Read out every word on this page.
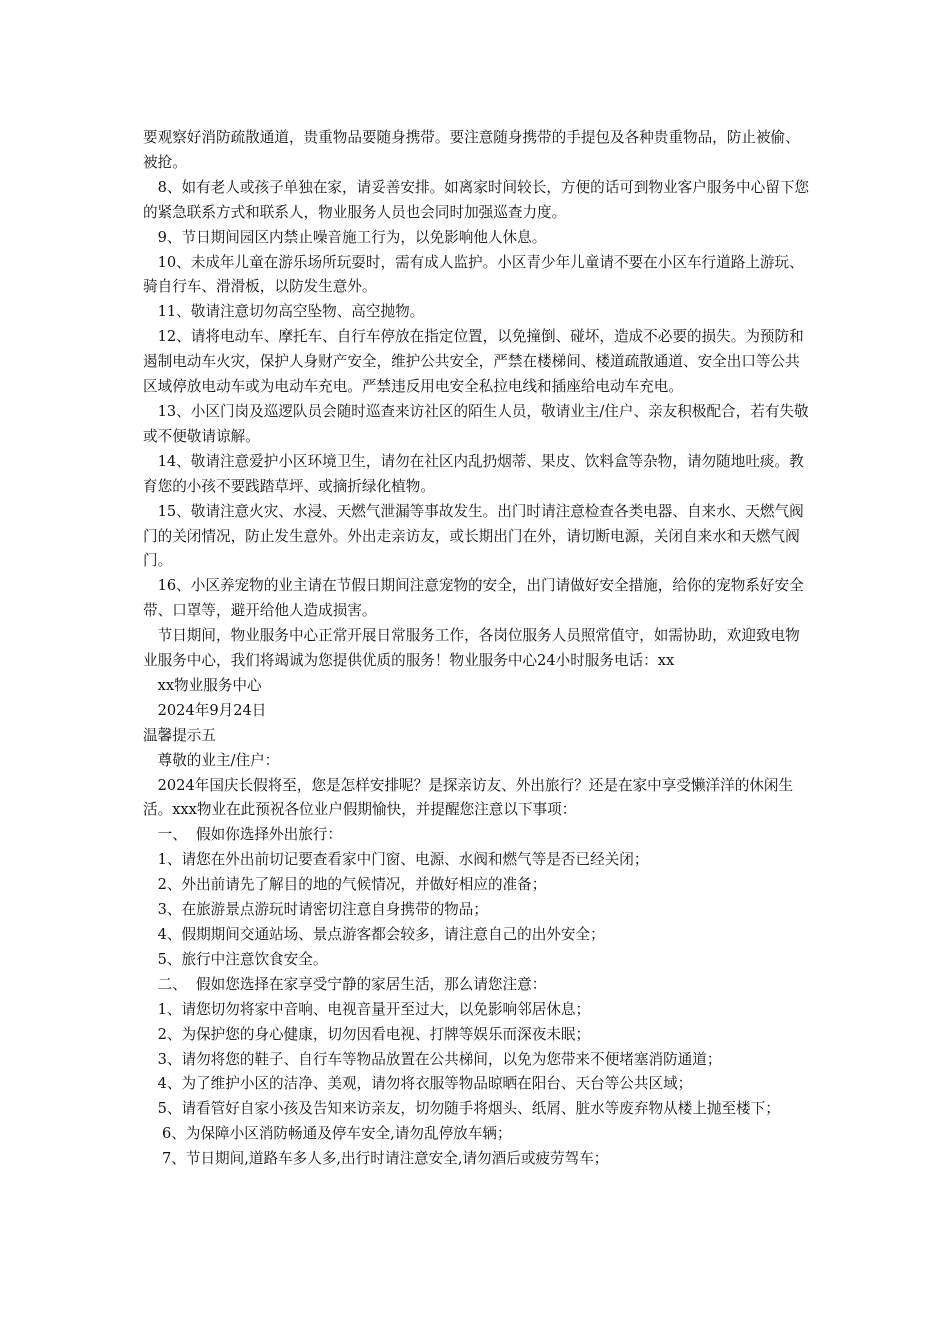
要观察好消防疏散通道，贵重物品要随身携带。要注意随身携带的手提包及各种贵重物品，防止被偷、被抢。

8、如有老人或孩子单独在家，请妥善安排。如离家时间较长，方便的话可到物业客户服务中心留下您的紧急联系方式和联系人，物业服务人员也会同时加强巡查力度。

9、节日期间园区内禁止噪音施工行为，以免影响他人休息。

10、未成年儿童在游乐场所玩耍时，需有成人监护。小区青少年儿童请不要在小区车行道路上游玩、骑自行车、滑滑板，以防发生意外。

11、敬请注意切勿高空坠物、高空抛物。

12、请将电动车、摩托车、自行车停放在指定位置，以免撞倒、碰坏，造成不必要的损失。为预防和遏制电动车火灾，保护人身财产安全，维护公共安全，严禁在楼梯间、楼道疏散通道、安全出口等公共区域停放电动车或为电动车充电。严禁违反用电安全私拉电线和插座给电动车充电。

13、小区门岗及巡逻队员会随时巡查来访社区的陌生人员，敬请业主/住户、亲友积极配合，若有失敬或不便敬请谅解。

14、敬请注意爱护小区环境卫生，请勿在社区内乱扔烟蒂、果皮、饮料盒等杂物，请勿随地吐痰。教育您的小孩不要践踏草坪、或摘折绿化植物。

15、敬请注意火灾、水浸、天燃气泄漏等事故发生。出门时请注意检查各类电器、自来水、天燃气阀门的关闭情况，防止发生意外。外出走亲访友，或长期出门在外，请切断电源，关闭自来水和天燃气阀门。

16、小区养宠物的业主请在节假日期间注意宠物的安全，出门请做好安全措施，给你的宠物系好安全带、口罩等，避开给他人造成损害。

节日期间，物业服务中心正常开展日常服务工作，各岗位服务人员照常值守，如需协助，欢迎致电物业服务中心，我们将竭诚为您提供优质的服务！物业服务中心24小时服务电话：xx

xx物业服务中心

2024年9月24日

温馨提示五

尊敬的业主/住户：

2024年国庆长假将至，您是怎样安排呢？是探亲访友、外出旅行？还是在家中享受懒洋洋的休闲生活。xxx物业在此预祝各位业户假期愉快，并提醒您注意以下事项：

一、  假如你选择外出旅行：

1、请您在外出前切记要查看家中门窗、电源、水阀和燃气等是否已经关闭；

2、外出前请先了解目的地的气候情况，并做好相应的准备；

3、在旅游景点游玩时请密切注意自身携带的物品；

4、假期期间交通站场、景点游客都会较多，请注意自己的出外安全；

5、旅行中注意饮食安全。

二、  假如您选择在家享受宁静的家居生活，那么请您注意：

1、请您切勿将家中音响、电视音量开至过大，以免影响邻居休息；

2、为保护您的身心健康，切勿因看电视、打牌等娱乐而深夜未眠；

3、请勿将您的鞋子、自行车等物品放置在公共梯间，以免为您带来不便堵塞消防通道；

4、为了维护小区的洁净、美观，请勿将衣服等物品晾晒在阳台、天台等公共区域；

5、请看管好自家小孩及告知来访亲友，切勿随手将烟头、纸屑、脏水等废弃物从楼上抛至楼下；

6、为保障小区消防畅通及停车安全,请勿乱停放车辆；

7、节日期间,道路车多人多,出行时请注意安全,请勿酒后或疲劳驾车；
